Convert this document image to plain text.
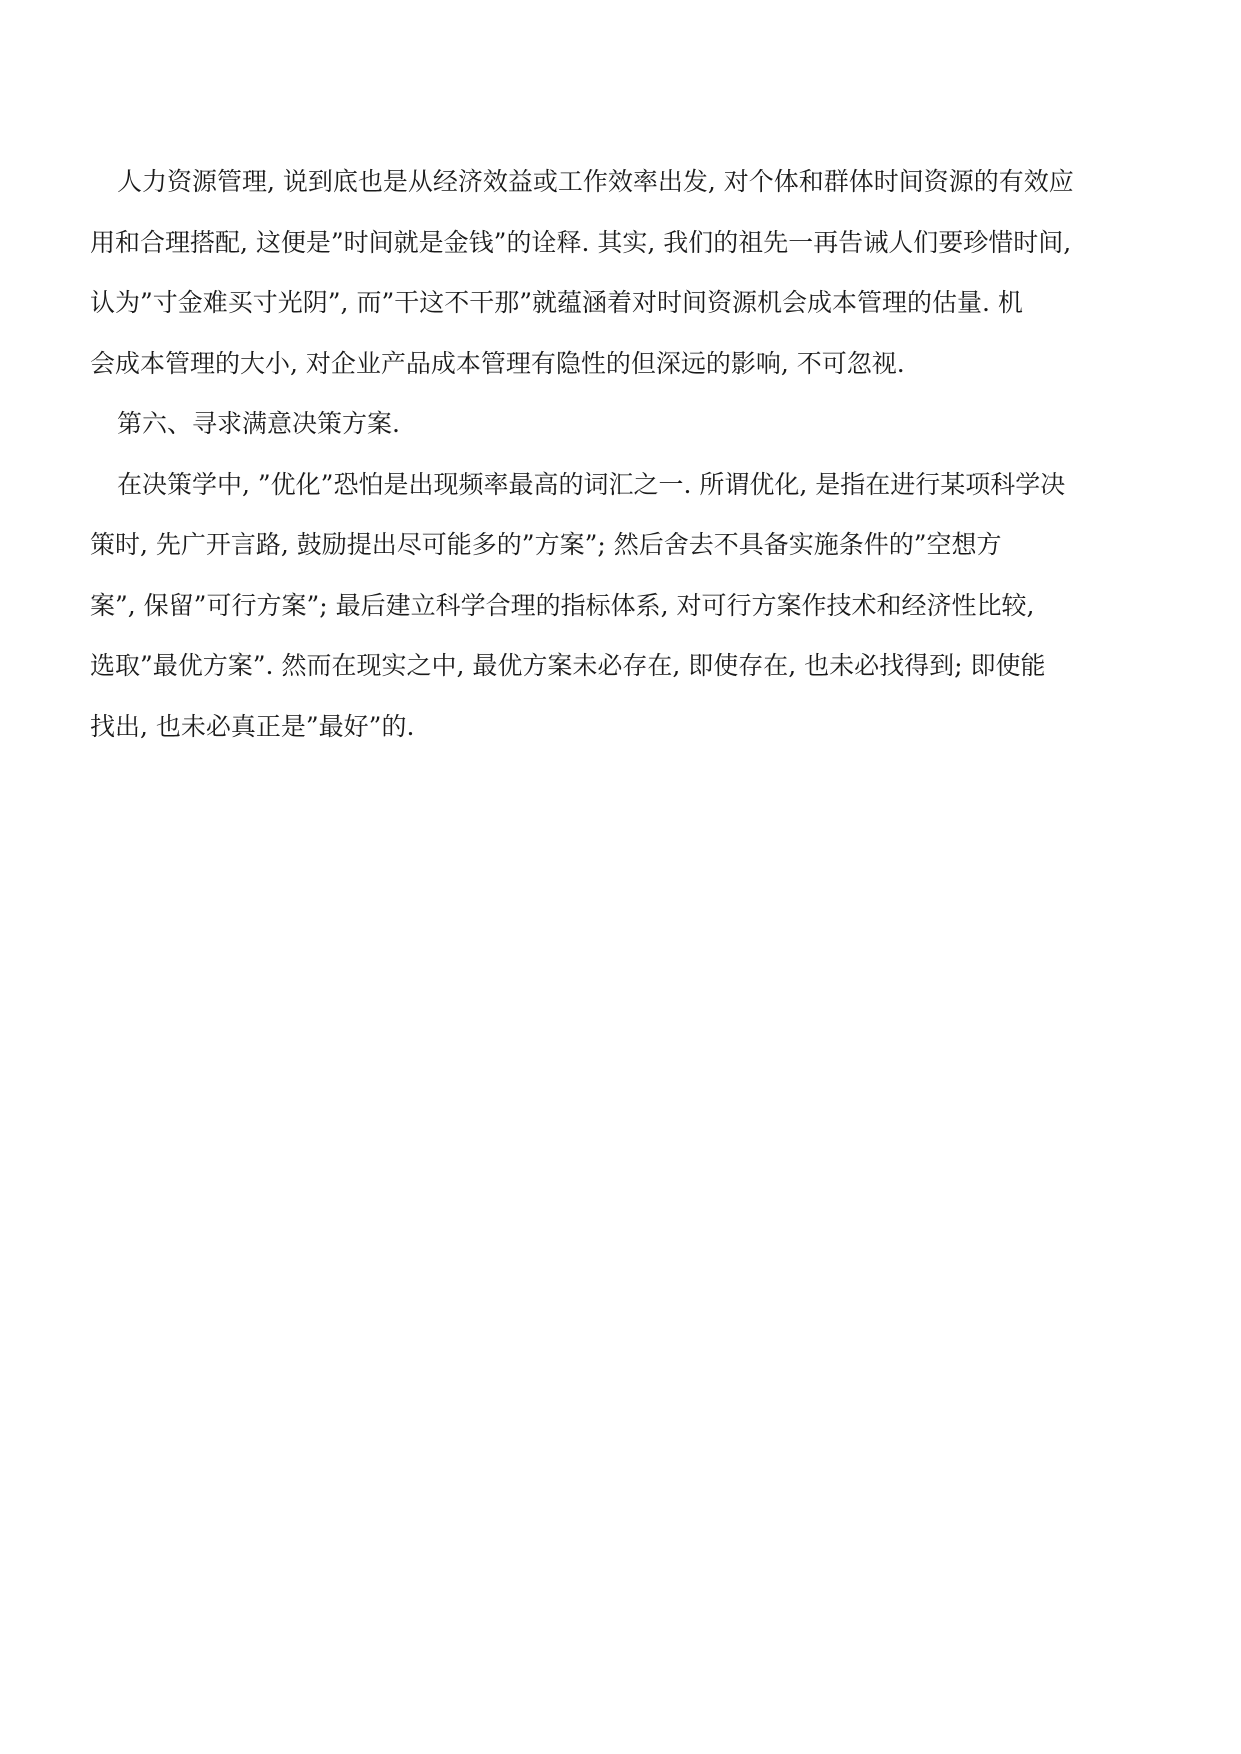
人力资源管理, 说到底也是从经济效益或工作效率出发, 对个体和群体时间资源的有效应
用和合理搭配, 这便是”时间就是金钱”的诠释. 其实, 我们的祖先一再告诫人们要珍惜时间,
认为”寸金难买寸光阴”, 而”干这不干那”就蕴涵着对时间资源机会成本管理的估量. 机
会成本管理的大小, 对企业产品成本管理有隐性的但深远的影响, 不可忽视.
第六、寻求满意决策方案.
在决策学中, ”优化”恐怕是出现频率最高的词汇之一. 所谓优化, 是指在进行某项科学决
策时, 先广开言路, 鼓励提出尽可能多的”方案”; 然后舍去不具备实施条件的”空想方
案”, 保留”可行方案”; 最后建立科学合理的指标体系, 对可行方案作技术和经济性比较,
选取”最优方案”. 然而在现实之中, 最优方案未必存在, 即使存在, 也未必找得到; 即使能
找出, 也未必真正是”最好”的.
